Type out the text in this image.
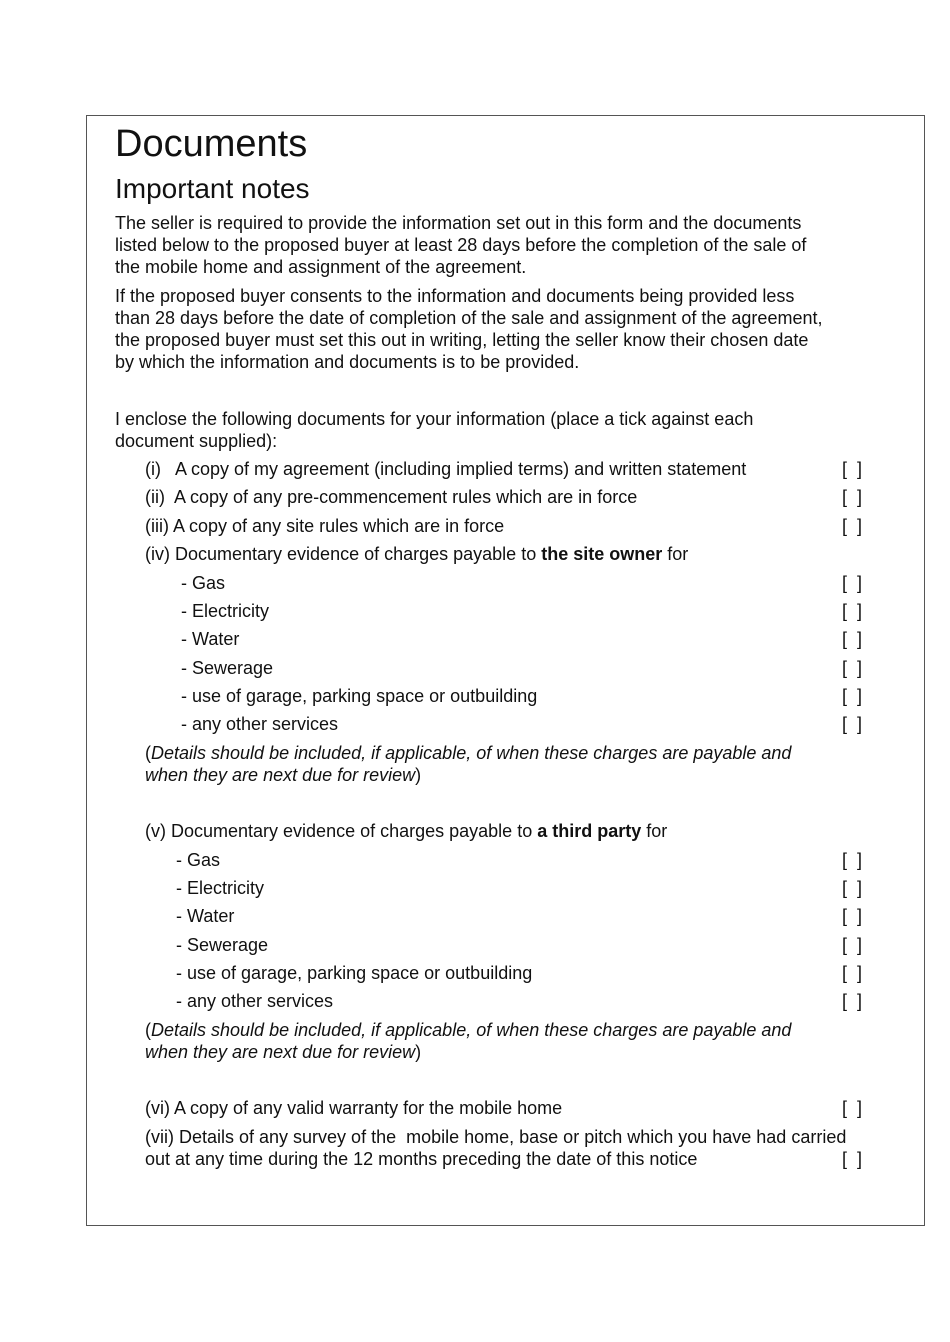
Documents
Important notes
The seller is required to provide the information set out in this form and the documents
listed below to the proposed buyer at least 28 days before the completion of the sale of
the mobile home and assignment of the agreement.
If the proposed buyer consents to the information and documents being provided less
than 28 days before the date of completion of the sale and assignment of the agreement,
the proposed buyer must set this out in writing, letting the seller know their chosen date
by which the information and documents is to be provided.
I enclose the following documents for your information (place a tick against each
document supplied):
(i)   A copy of my agreement (including implied terms) and written statement	[  ]
(ii)  A copy of any pre-commencement rules which are in force	[  ]
(iii) A copy of any site rules which are in force	[  ]
(iv) Documentary evidence of charges payable to the site owner for
- Gas	[  ]
- Electricity	[  ]
- Water	[  ]
- Sewerage	[  ]
- use of garage, parking space or outbuilding	[  ]
- any other services	[  ]
(Details should be included, if applicable, of when these charges are payable and
when they are next due for review)
(v) Documentary evidence of charges payable to a third party for
- Gas	[  ]
- Electricity	[  ]
- Water	[  ]
- Sewerage	[  ]
- use of garage, parking space or outbuilding	[  ]
- any other services	[  ]
(Details should be included, if applicable, of when these charges are payable and
when they are next due for review)
(vi) A copy of any valid warranty for the mobile home	[  ]
(vii) Details of any survey of the  mobile home, base or pitch which you have had carried
out at any time during the 12 months preceding the date of this notice	[  ]
